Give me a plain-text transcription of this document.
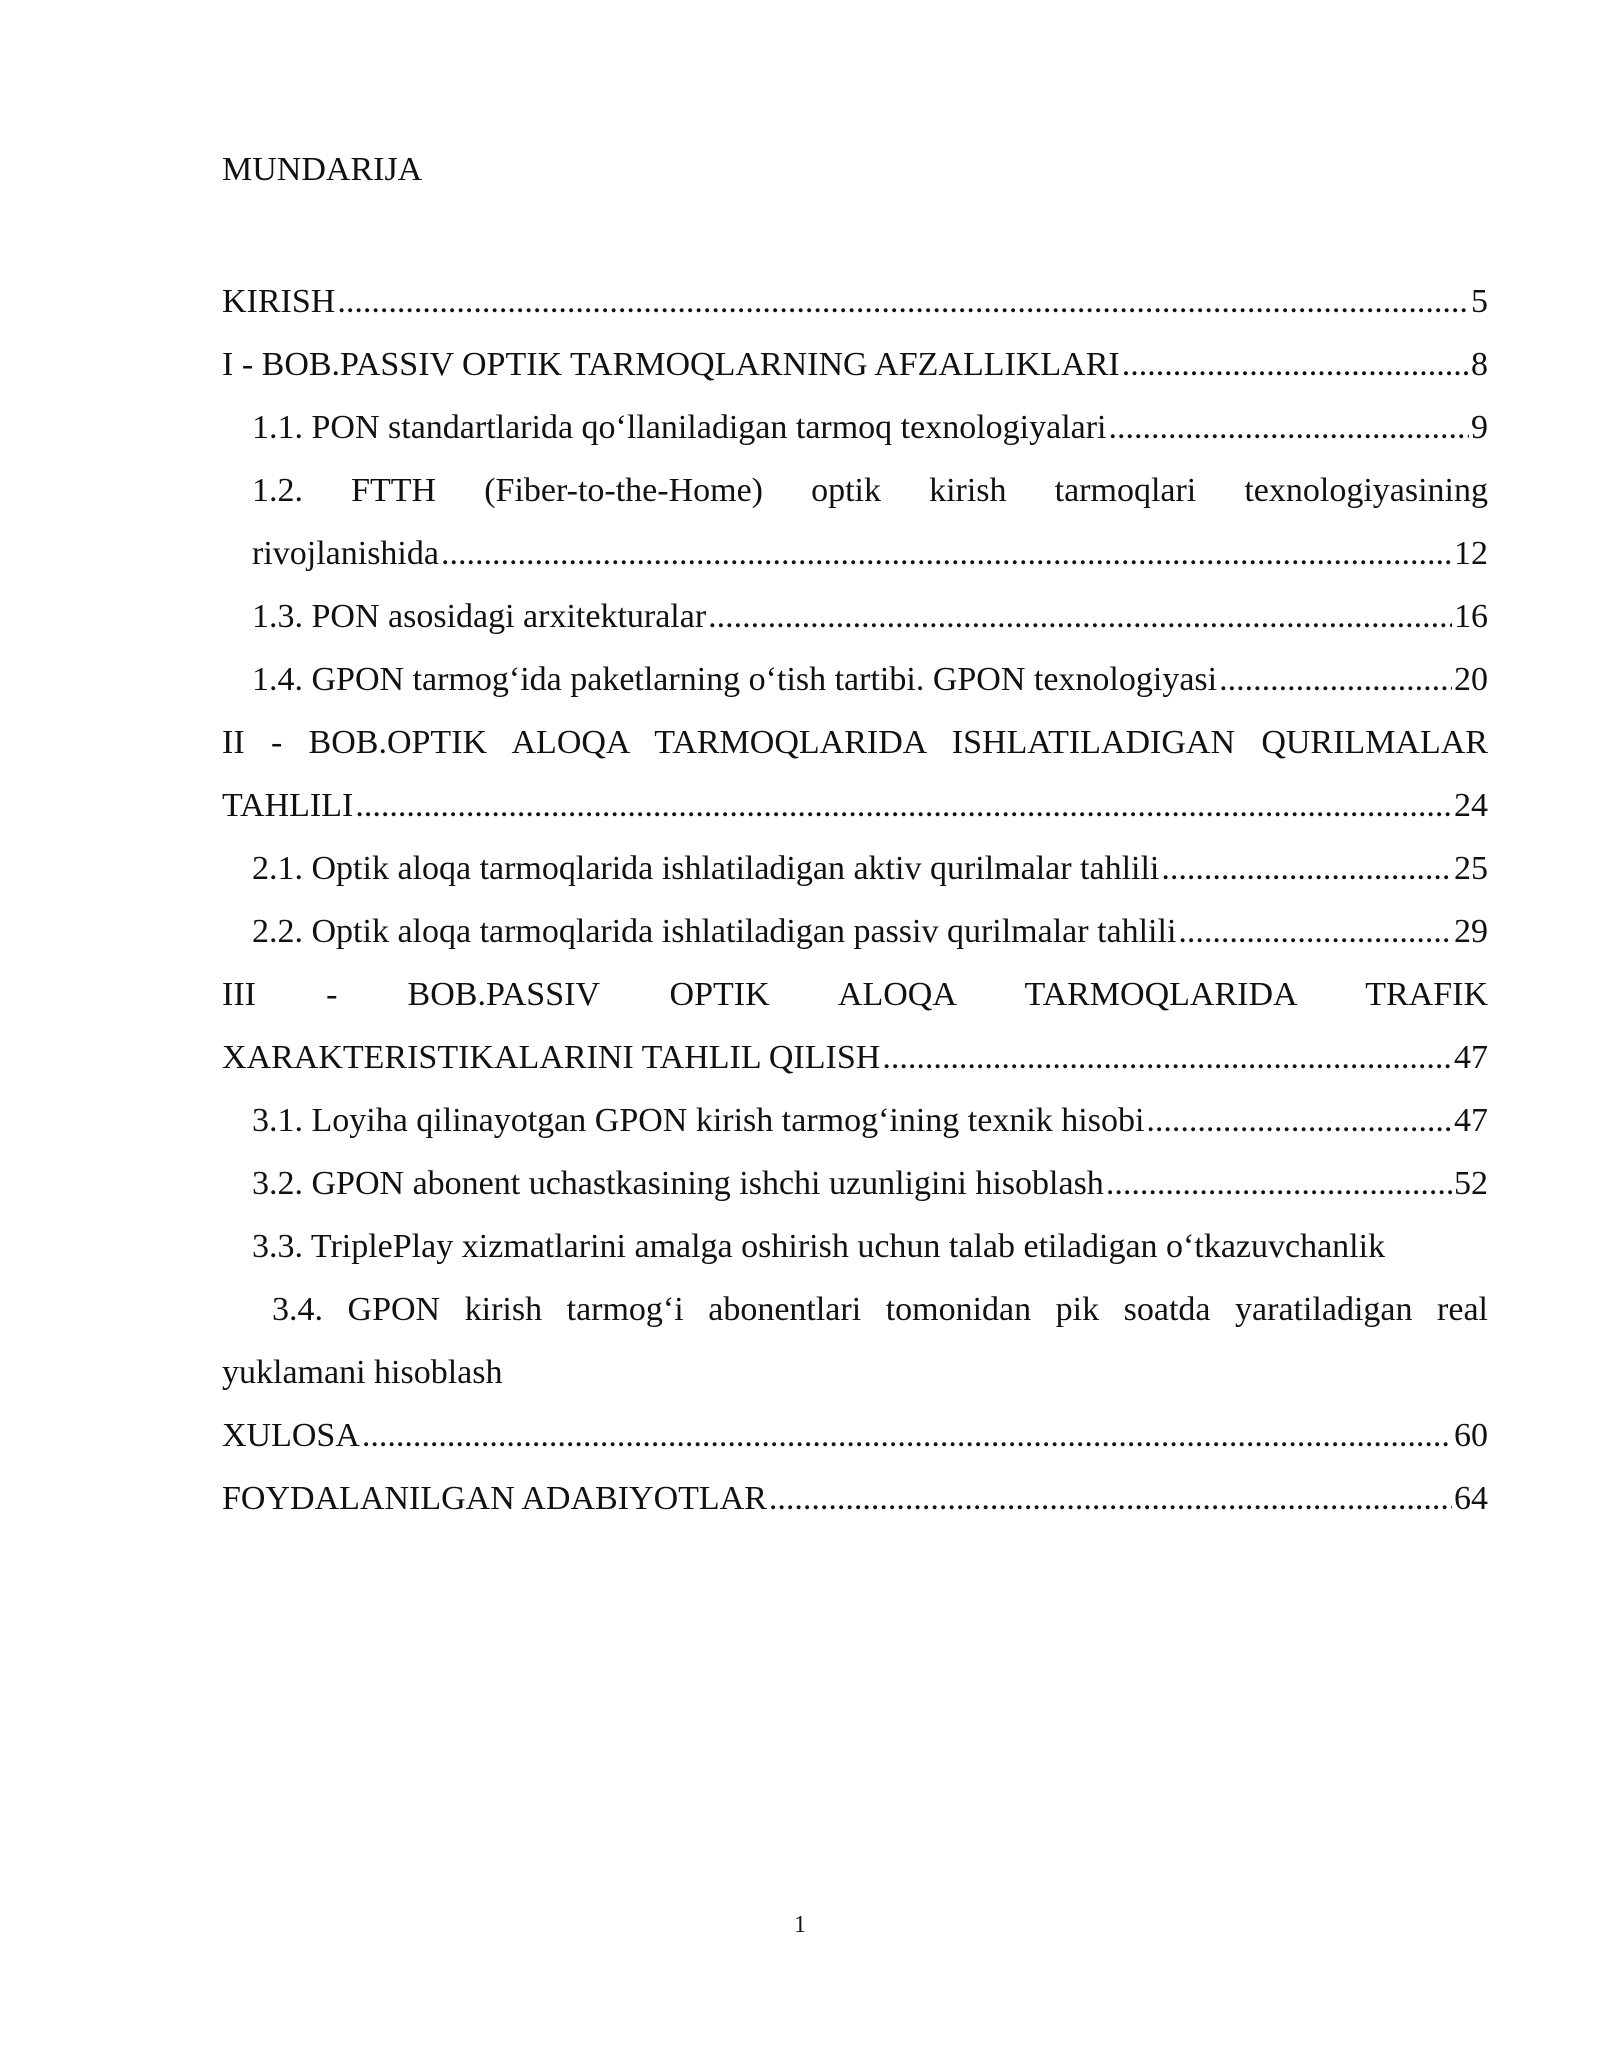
MUNDARIJA
KIRISH .....	5
I - BOB.PASSIV OPTIK TARMOQLARNING AFZALLIKLARI .....	8
1.1. PON standartlarida qo‘llaniladigan tarmoq texnologiyalari .....	9
1.2. FTTH (Fiber-to-the-Home) optik kirish tarmoqlari texnologiyasining
rivojlanishida .....	12
1.3. PON asosidagi arxitekturalar .....	16
1.4. GPON tarmog‘ida paketlarning o‘tish tartibi. GPON texnologiyasi .....	20
II - BOB.OPTIK ALOQA TARMOQLARIDA ISHLATILADIGAN QURILMALAR
TAHLILI .....	24
2.1. Optik aloqa tarmoqlarida ishlatiladigan aktiv qurilmalar tahlili .....	25
2.2. Optik aloqa tarmoqlarida ishlatiladigan passiv qurilmalar tahlili .....	29
III - BOB.PASSIV OPTIK ALOQA TARMOQLARIDA TRAFIK
XARAKTERISTIKALARINI TAHLIL QILISH .....	47
3.1. Loyiha qilinayotgan GPON kirish tarmog‘ining texnik hisobi .....	47
3.2. GPON abonent uchastkasining ishchi uzunligini hisoblash .....	52
3.3. TriplePlay xizmatlarini amalga oshirish uchun talab etiladigan o‘tkazuvchanlik
3.4. GPON kirish tarmog‘i abonentlari tomonidan pik soatda yaratiladigan real
yuklamani hisoblash
XULOSA .....	60
FOYDALANILGAN ADABIYOTLAR .....	64
1
